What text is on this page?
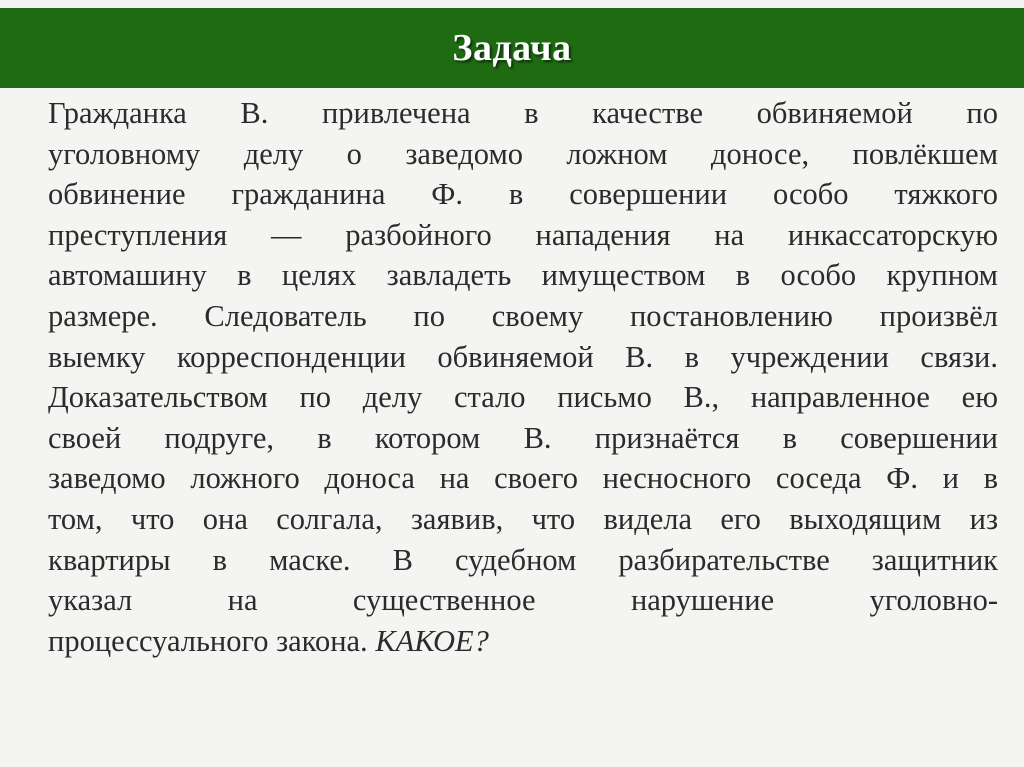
Задача
Гражданка В. привлечена в качестве обвиняемой по
уголовному делу о заведомо ложном доносе, повлёкшем
обвинение гражданина Ф. в совершении особо тяжкого
преступления — разбойного нападения на инкассаторскую
автомашину в целях завладеть имуществом в особо крупном
размере. Следователь по своему постановлению произвёл
выемку корреспонденции обвиняемой В. в учреждении связи.
Доказательством по делу стало письмо В., направленное ею
своей подруге, в котором В. признаётся в совершении
заведомо ложного доноса на своего несносного соседа Ф. и в
том, что она солгала, заявив, что видела его выходящим из
квартиры в маске. В судебном разбирательстве защитник
указал на существенное нарушение уголовно-
процессуального закона. КАКОЕ?
